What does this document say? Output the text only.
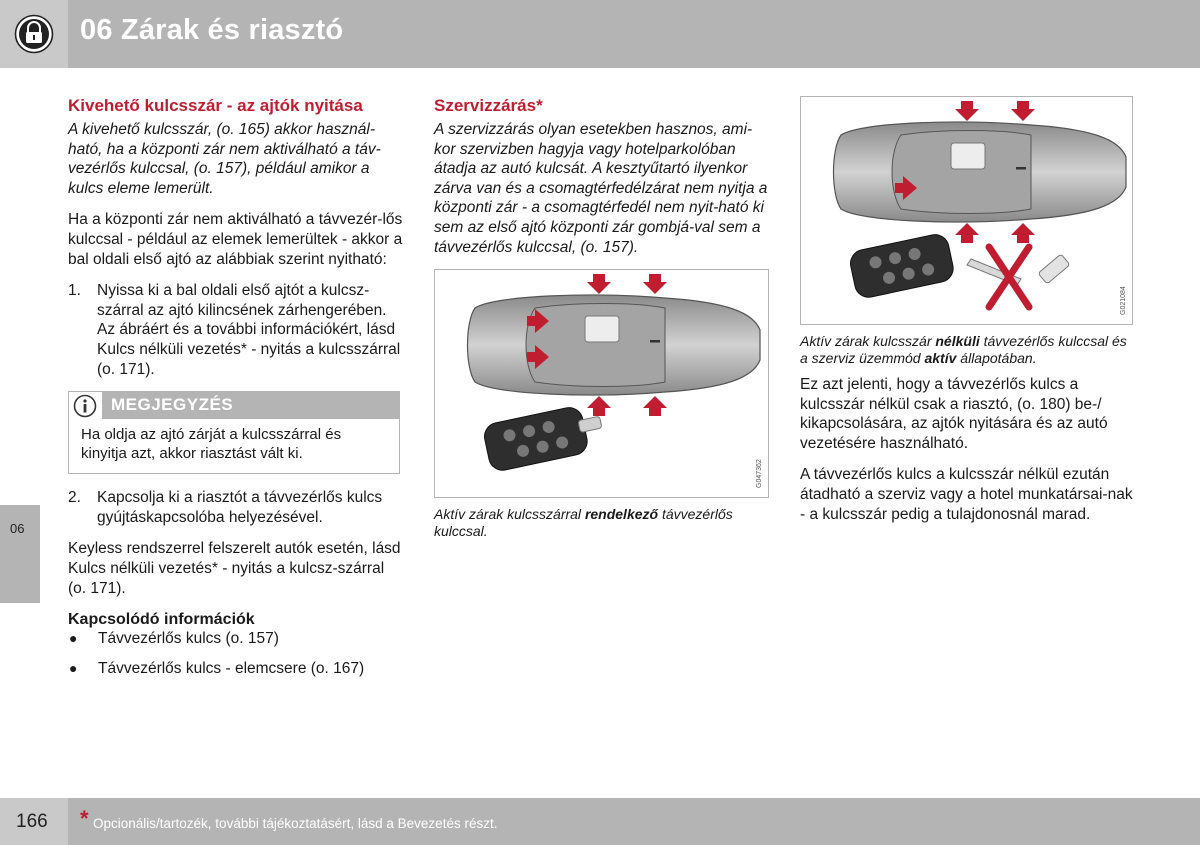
06 Zárak és riasztó
06
Kivehető kulcsszár - az ajtók nyitása

A kivehető kulcsszár, (o. 165) akkor használ-ható, ha a központi zár nem aktiválható a táv-vezérlős kulccsal, (o. 157), például amikor a kulcs eleme lemerült.

Ha a központi zár nem aktiválható a távvezér-lős kulccsal - például az elemek lemerültek - akkor a bal oldali első ajtó az alábbiak szerint nyitható:

1.	Nyissa ki a bal oldali első ajtót a kulcsz-szárral az ajtó kilincsének zárhengerében. Az ábráért és a további információkért, lásd Kulcs nélküli vezetés* - nyitás a kulcsszárral (o. 171).
MEGJEGYZÉS
Ha oldja az ajtó zárját a kulcsszárral és kinyitja azt, akkor riasztást vált ki.
2.	Kapcsolja ki a riasztót a távvezérlős kulcs gyújtáskapcsolóba helyezésével.

Keyless rendszerrel felszerelt autók esetén, lásd Kulcs nélküli vezetés* - nyitás a kulcsz-szárral (o. 171).

Kapcsolódó információk
●	Távvezérlős kulcs (o. 157)
●	Távvezérlős kulcs - elemcsere (o. 167)
Szervizzárás*

A szervizzárás olyan esetekben hasznos, ami-kor szervizben hagyja vagy hotelparkolóban átadja az autó kulcsát. A kesztyűtartó ilyenkor zárva van és a csomagtérfedélzárat nem nyitja a központi zár - a csomagtérfedél nem nyit-ható ki sem az első ajtó központi zár gombjá-val sem a távvezérlős kulccsal, (o. 157).

G047362
Aktív zárak kulcsszárral rendelkező távvezérlős kulccsal.
G021084
Aktív zárak kulcsszár nélküli távvezérlős kulccsal és a szerviz üzemmód aktív állapotában.

Ez azt jelenti, hogy a távvezérlős kulcs a kulcsszár nélkül csak a riasztó, (o. 180) be-/ kikapcsolására, az ajtók nyitására és az autó vezetésére használható.

A távvezérlős kulcs a kulcsszár nélkül ezután átadható a szerviz vagy a hotel munkatársai-nak - a kulcsszár pedig a tulajdonosnál marad.

166 * Opcionális/tartozék, további tájékoztatásért, lásd a Bevezetés részt.
